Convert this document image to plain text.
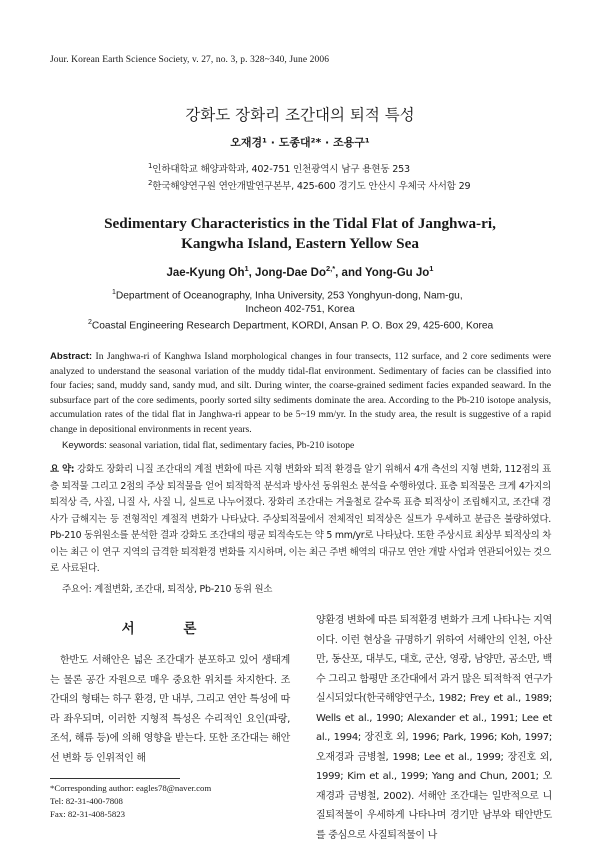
Jour. Korean Earth Science Society, v. 27, no. 3, p. 328~340, June 2006
강화도 장화리 조간대의 퇴적 특성
오재경¹ · 도종대²* · 조용구¹
$^1$인하대학교 해양과학과, 402-751 인천광역시 남구 용현동 253
$^2$한국해양연구원 연안개발연구본부, 425-600 경기도 안산시 우체국 사서함 29
Sedimentary Characteristics in the Tidal Flat of Janghwa-ri,
Kangwha Island, Eastern Yellow Sea
Jae-Kyung Oh$^1$, Jong-Dae $Do^{2,*}$, and Yong-Gu Jo$^1$
$^1$Department of Oceanography, Inha University, 253 Yonghyun-dong, Nam-gu,
Incheon 402-751, Korea
$^2$Coastal Engineering Research Department, KORDI, Ansan P. O. Box 29, 425-600, Korea
Abstract: In Janghwa-ri of Kanghwa Island morphological changes in four transects, 112 surface, and 2 core sediments were analyzed to understand the seasonal variation of the muddy tidal-flat environment. Sedimentary of facies can be classified into four facies; sand, muddy sand, sandy mud, and silt. During winter, the coarse-grained sediment facies expanded seaward. In the subsurface part of the core sediments, poorly sorted silty sediments dominate the area. According to the Pb-210 isotope analysis, accumulation rates of the tidal flat in Janghwa-ri appear to be 5~19 mm/yr. In the study area, the result is suggestive of a rapid change in depositional environments in recent years.
Keywords: seasonal variation, tidal flat, sedimentary facies, Pb-210 isotope
요 약: 강화도 장화리 니질 조간대의 계절 변화에 따른 지형 변화와 퇴적 환경을 알기 위해서 4개 측선의 지형 변화, 112점의 표층 퇴적물 그리고 2점의 주상 퇴적물을 얻어 퇴적학적 분석과 방사선 동위원소 분석을 수행하였다. 표층 퇴적물은 크게 4가지의 퇴적상 즉, 사질, 니질 사, 사질 니, 실트로 나누어졌다. 장화리 조간대는 겨울철로 갈수록 표층 퇴적상이 조립해지고, 조간대 경사가 급해지는 등 전형적인 계절적 변화가 나타났다. 주상퇴적물에서 전체적인 퇴적상은 실트가 우세하고 분급은 불량하였다. Pb-210 동위원소를 분석한 결과 강화도 조간대의 평균 퇴적속도는 약 5 mm/yr로 나타났다. 또한 주상시료 최상부 퇴적상의 차이는 최근 이 연구 지역의 급격한 퇴적환경 변화를 지시하며, 이는 최근 주변 해역의 대규모 연안 개발 사업과 연관되어있는 것으로 사료된다.
주요어: 계절변화, 조간대, 퇴적상, Pb-210 동위 원소
서 론
한반도 서해안은 넓은 조간대가 분포하고 있어 생태계는 물론 공간 자원으로 매우 중요한 위치를 차지한다. 조간대의 형태는 하구 환경, 만 내부, 그리고 연안 특성에 따라 좌우되며, 이러한 지형적 특성은 수리적인 요인(파랑, 조석, 해류 등)에 의해 영향을 받는다. 또한 조간대는 해안선 변화 등 인위적인 해
양환경 변화에 따른 퇴적환경 변화가 크게 나타나는 지역이다. 이런 현상을 규명하기 위하여 서해안의 인천, 아산만, 동산포, 대부도, 대호, 군산, 영광, 남양만, 곰소만, 백수 그리고 함평만 조간대에서 과거 많은 퇴적학적 연구가 실시되었다(한국해양연구소, 1982; Frey et al., 1989; Wells et al., 1990; Alexander et al., 1991; Lee et al., 1994; 장진호 외, 1996; Park, 1996; Koh, 1997; 오재경과 금병철, 1998; Lee et al., 1999; 장진호 외, 1999; Kim et al., 1999; Yang and Chun, 2001; 오재경과 금병철, 2002). 서해안 조간대는 일반적으로 니질퇴적물이 우세하게 나타나며 경기만 남부와 태안반도를 중심으로 사질퇴적물이 나
*Corresponding author: eagles78@naver.com
Tel: 82-31-400-7808
Fax: 82-31-408-5823
